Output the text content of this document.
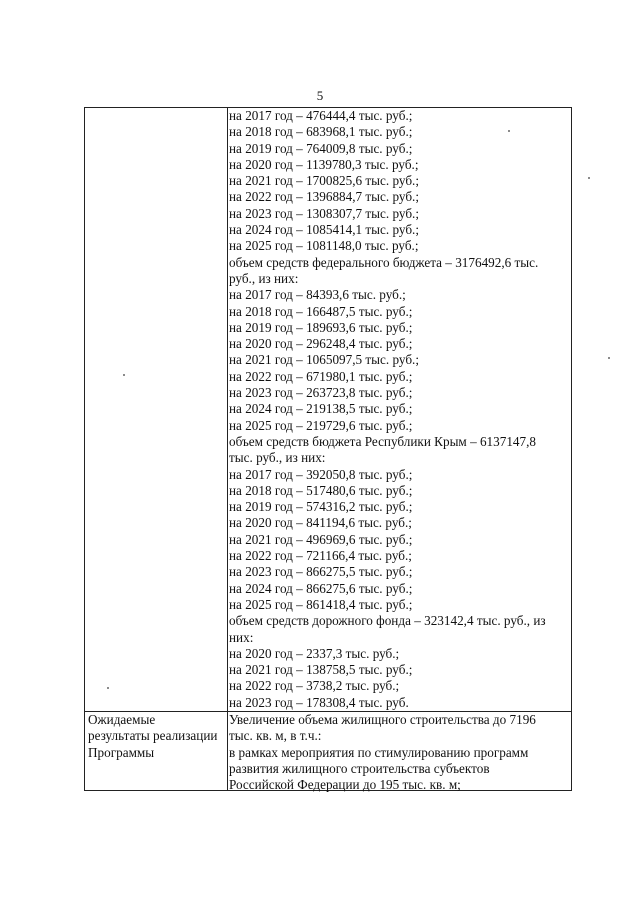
5
на 2017 год – 476444,4 тыс. руб.;
на 2018 год – 683968,1 тыс. руб.;
на 2019 год – 764009,8 тыс. руб.;
на 2020 год – 1139780,3 тыс. руб.;
на 2021 год – 1700825,6 тыс. руб.;
на 2022 год – 1396884,7 тыс. руб.;
на 2023 год – 1308307,7 тыс. руб.;
на 2024 год – 1085414,1 тыс. руб.;
на 2025 год – 1081148,0 тыс. руб.;
объем средств федерального бюджета – 3176492,6 тыс.
руб., из них:
на 2017 год – 84393,6 тыс. руб.;
на 2018 год – 166487,5 тыс. руб.;
на 2019 год – 189693,6 тыс. руб.;
на 2020 год – 296248,4 тыс. руб.;
на 2021 год – 1065097,5 тыс. руб.;
на 2022 год – 671980,1 тыс. руб.;
на 2023 год – 263723,8 тыс. руб.;
на 2024 год – 219138,5 тыс. руб.;
на 2025 год – 219729,6 тыс. руб.;
объем средств бюджета Республики Крым – 6137147,8
тыс. руб., из них:
на 2017 год – 392050,8 тыс. руб.;
на 2018 год – 517480,6 тыс. руб.;
на 2019 год – 574316,2 тыс. руб.;
на 2020 год – 841194,6 тыс. руб.;
на 2021 год – 496969,6 тыс. руб.;
на 2022 год – 721166,4 тыс. руб.;
на 2023 год – 866275,5 тыс. руб.;
на 2024 год – 866275,6 тыс. руб.;
на 2025 год – 861418,4 тыс. руб.;
объем средств дорожного фонда – 323142,4 тыс. руб., из
них:
на 2020 год – 2337,3 тыс. руб.;
на 2021 год – 138758,5 тыс. руб.;
на 2022 год – 3738,2 тыс. руб.;
на 2023 год – 178308,4 тыс. руб.
Ожидаемые
результаты реализации
Программы
Увеличение объема жилищного строительства до 7196
тыс. кв. м, в т.ч.:
в рамках мероприятия по стимулированию программ
развития жилищного строительства субъектов
Российской Федерации до 195 тыс. кв. м;
